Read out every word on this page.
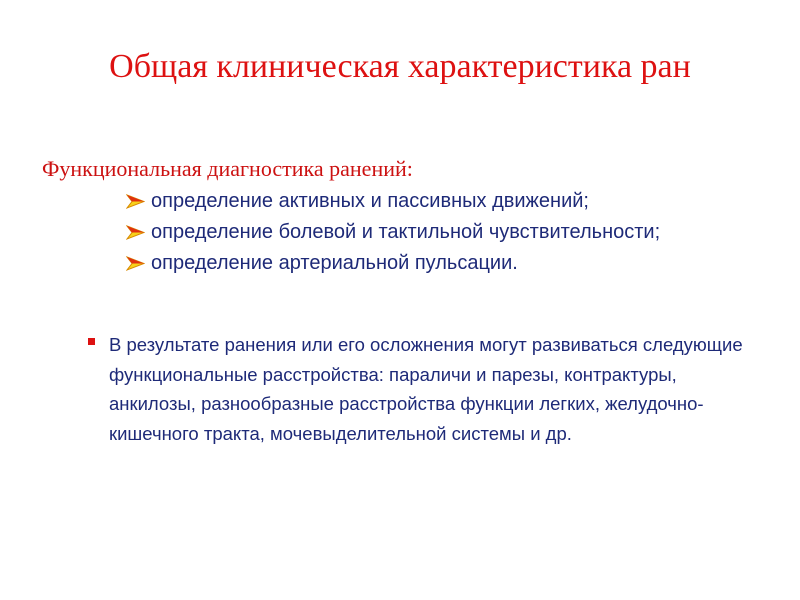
Общая клиническая характеристика ран
Функциональная диагностика ранений:
определение активных и пассивных движений;
определение болевой и тактильной чувствительности;
определение артериальной пульсации.
В результате ранения или его осложнения могут развиваться следующие функциональные расстройства: параличи и парезы, контрактуры, анкилозы, разнообразные расстройства функции легких, желудочно-кишечного тракта, мочевыделительной системы и др.
